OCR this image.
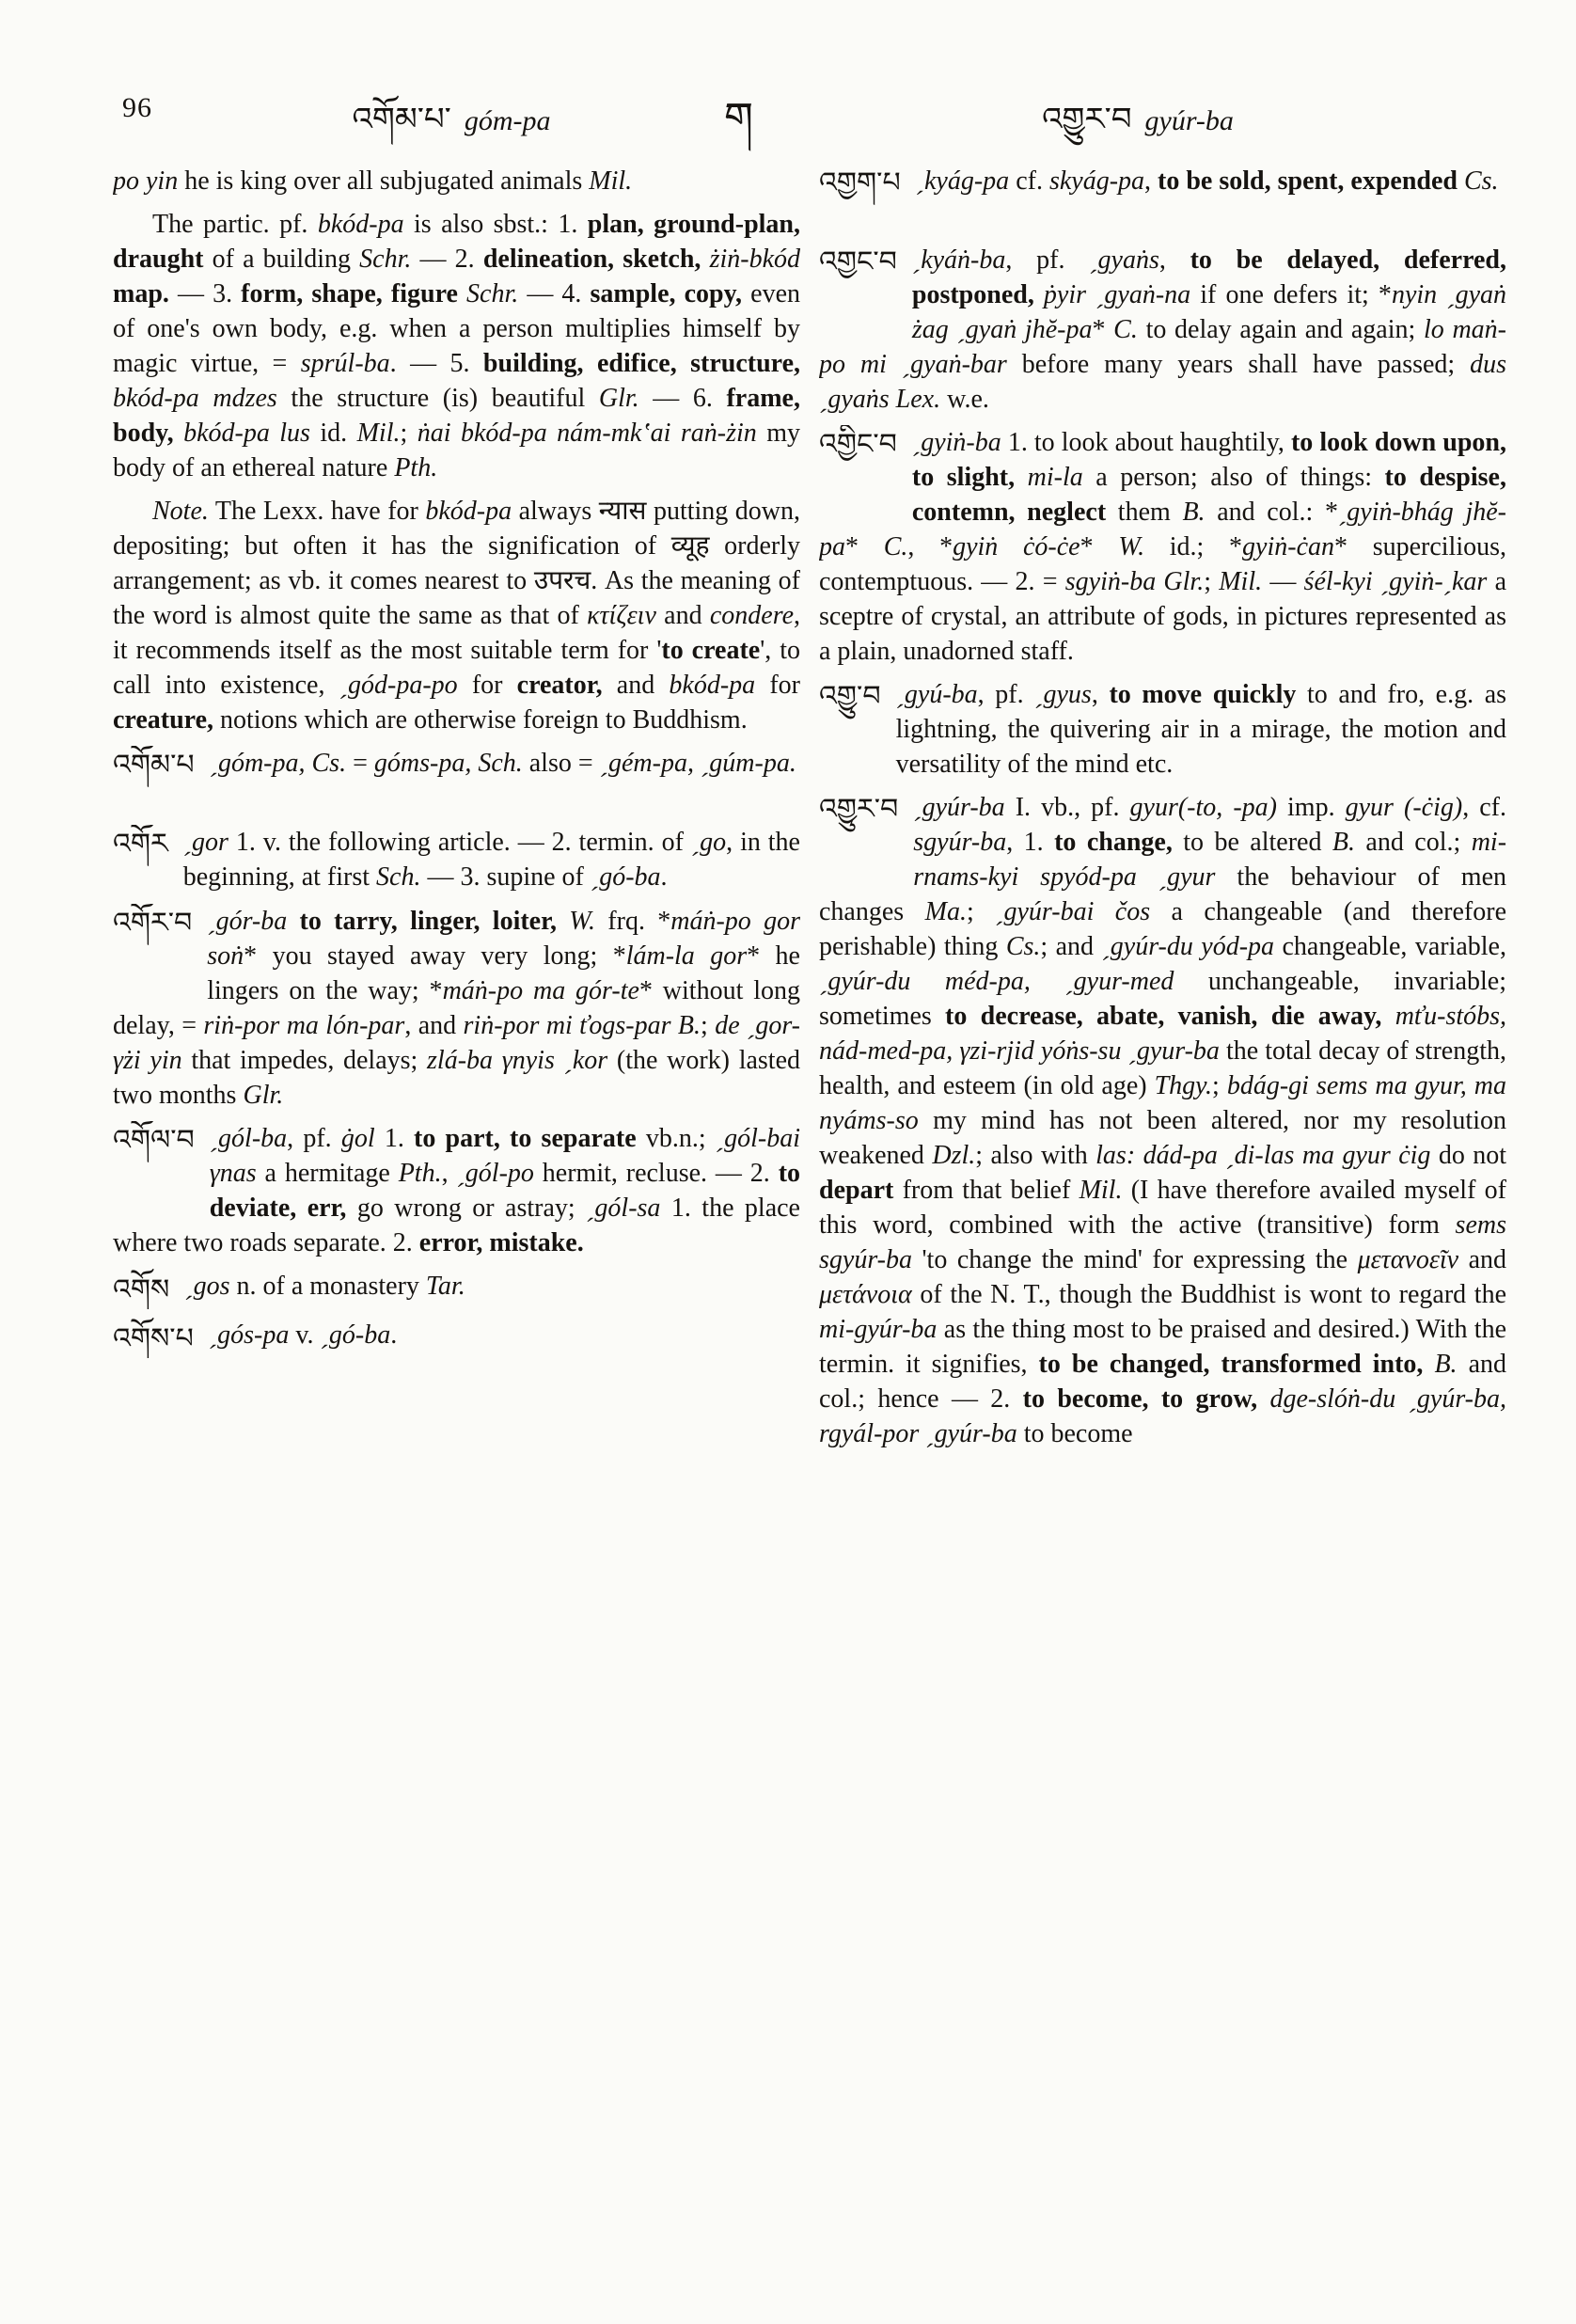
96	འགོམ་པ་ góm-pa	ག	འགྱུར་བ gyúr-ba

po yin he is king over all subjugated animals Mil.

The partic. pf. bkód-pa is also sbst.: 1. plan, ground-plan, draught of a building Schr. — 2. delineation, sketch, żiṅ-bkód map. — 3. form, shape, figure Schr. — 4. sample, copy, even of one's own body, e.g. when a person multiplies himself by magic virtue, = sprúl-ba. — 5. building, edifice, structure, bkód-pa mdzes the structure (is) beautiful Glr. — 6. frame, body, bkód-pa lus id. Mil.; ṅai bkód-pa nám-mkʽai raṅ-żin my body of an ethereal nature Pth.

Note. The Lexx. have for bkód-pa always न्यास putting down, depositing; but often it has the signification of व्यूह orderly arrangement; as vb. it comes nearest to उपरच. As the meaning of the word is almost quite the same as that of κτίζειν and condere, it recommends itself as the most suitable term for 'to create', to call into existence, ˏgód-pa-po for creator, and bkód-pa for creature, notions which are otherwise foreign to Buddhism.

འགོམ་པ ˏgóm-pa, Cs. = góms-pa, Sch. also = ˏgém-pa, ˏgúm-pa.

འགོར ˏgor 1. v. the following article. — 2. termin. of ˏgo, in the beginning, at first Sch. — 3. supine of ˏgó-ba.

འགོར་བ ˏgór-ba to tarry, linger, loiter, W. frq. *máṅ-po gor soṅ* you stayed away very long; *lám-la gor* he lingers on the way; *máṅ-po ma gór-te* without long delay, = riṅ-por ma lón-par, and riṅ-por mi ťogs-par B.; de ˏgor-γżi yin that impedes, delays; zlá-ba γnyis ˏkor (the work) lasted two months Glr.

འགོལ་བ ˏgól-ba, pf. ġol 1. to part, to separate vb.n.; ˏgól-bai γnas a hermitage Pth., ˏgól-po hermit, recluse. — 2. to deviate, err, go wrong or astray; ˏgól-sa 1. the place where two roads separate. 2. error, mistake.

འགོས ˏgos n. of a monastery Tar.

འགོས་པ ˏgós-pa v. ˏgó-ba.

འགྱག་པ ˏkyág-pa cf. skyág-pa, to be sold, spent, expended Cs.

འགྱང་བ ˏkyáṅ-ba, pf. ˏgyaṅs, to be delayed, deferred, postponed, ṗyir ˏgyaṅ-na if one defers it; *nyin ˏgyaṅ żag ˏgyaṅ jhĕ-pa* C. to delay again and again; lo maṅ-po mi ˏgyaṅ-bar before many years shall have passed; dus ˏgyaṅs Lex. w.e.

འགྱིང་བ ˏgyiṅ-ba 1. to look about haughtily, to look down upon, to slight, mi-la a person; also of things: to despise, contemn, neglect them B. and col.: *ˏgyiṅ-bhág jhĕ-pa* C., *gyiṅ ċó-ċe* W. id.; *gyiṅ-ċan* supercilious, contemptuous. — 2. = sgyiṅ-ba Glr.; Mil. — śél-kyi ˏgyiṅ-ˏkar a sceptre of crystal, an attribute of gods, in pictures represented as a plain, unadorned staff.

འགྱུ་བ ˏgyú-ba, pf. ˏgyus, to move quickly to and fro, e.g. as lightning, the quivering air in a mirage, the motion and versatility of the mind etc.

འགྱུར་བ ˏgyúr-ba I. vb., pf. gyur(-to, -pa) imp. gyur (-ċig), cf. sgyúr-ba, 1. to change, to be altered B. and col.; mi-rnams-kyi spyód-pa ˏgyur the behaviour of men changes Ma.; ˏgyúr-bai čos a changeable (and therefore perishable) thing Cs.; and ˏgyúr-du yód-pa changeable, variable, ˏgyúr-du méd-pa, ˏgyur-med unchangeable, invariable; sometimes to decrease, abate, vanish, die away, mťu-stóbs, nád-med-pa, γzi-rjid yóṅs-su ˏgyur-ba the total decay of strength, health, and esteem (in old age) Thgy.; bdág-gi sems ma gyur, ma nyáms-so my mind has not been altered, nor my resolution weakened Dzl.; also with las: dád-pa ˏdi-las ma gyur ċig do not depart from that belief Mil. (I have therefore availed myself of this word, combined with the active (transitive) form sems sgyúr-ba 'to change the mind' for expressing the μετανοεῖν and μετάνοια of the N. T., though the Buddhist is wont to regard the mi-gyúr-ba as the thing most to be praised and desired.) With the termin. it signifies, to be changed, transformed into, B. and col.; hence — 2. to become, to grow, dge-slóṅ-du ˏgyúr-ba, rgyál-por ˏgyúr-ba to become
